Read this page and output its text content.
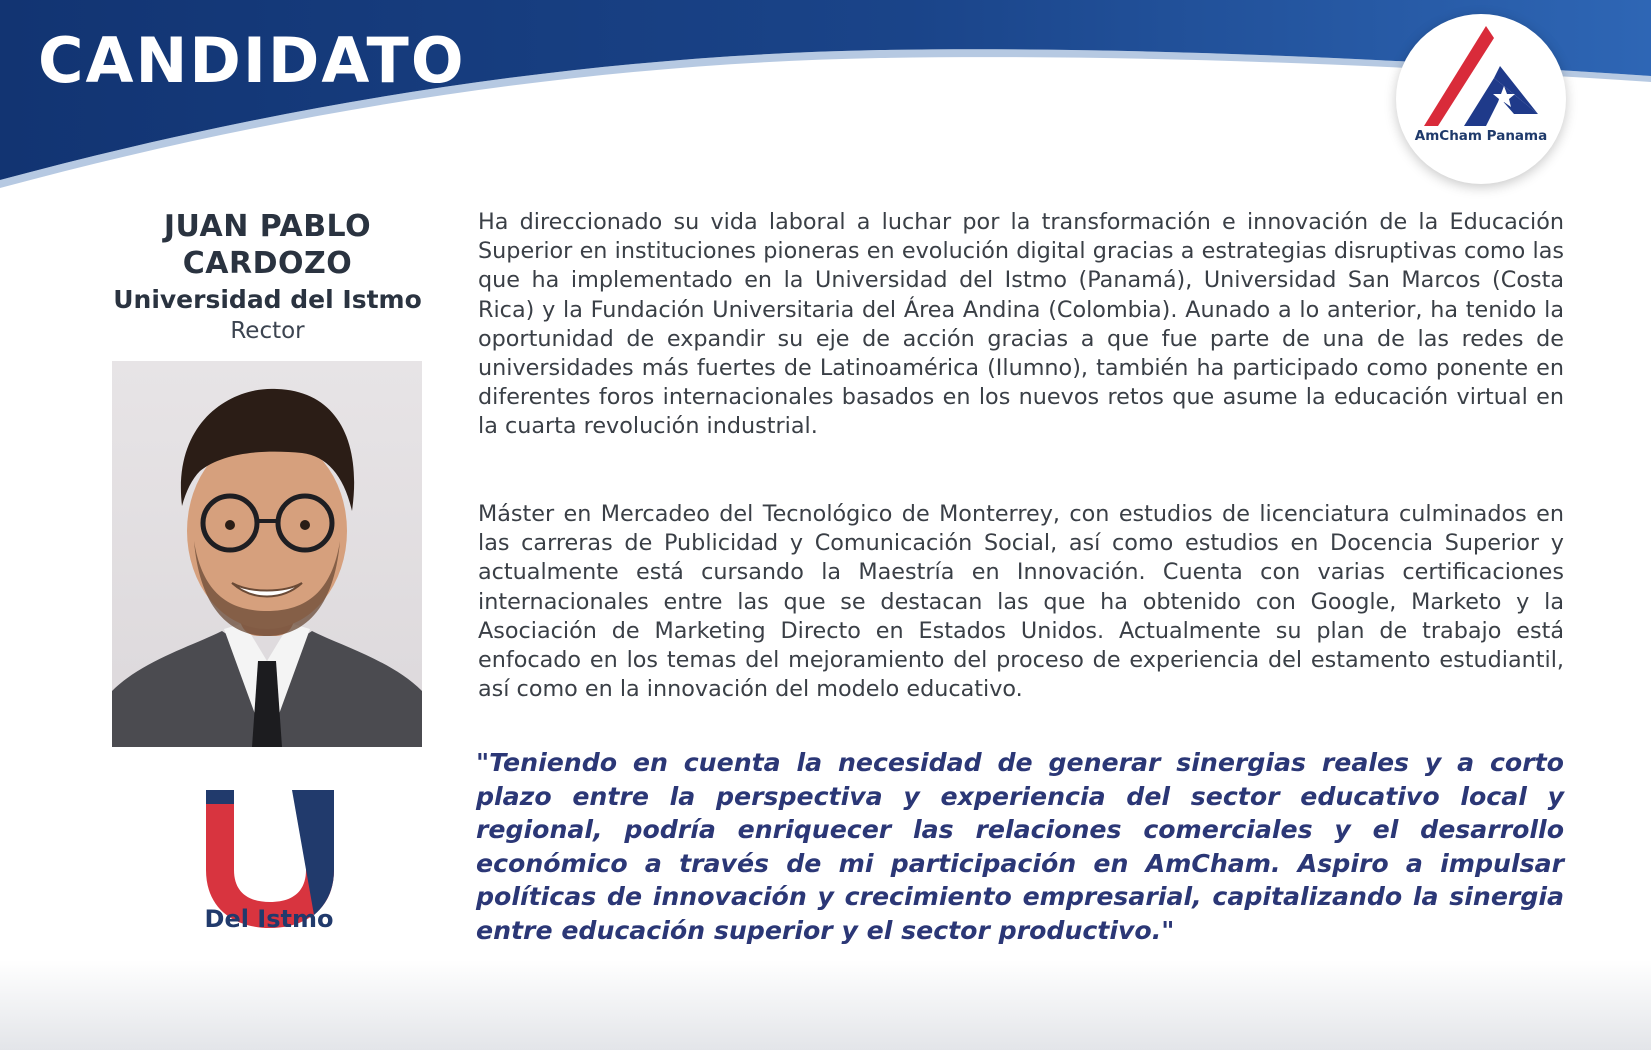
CANDIDATO
AmCham Panama
JUAN PABLO
CARDOZO
Universidad del Istmo
Rector
Del Istmo
Ha direccionado su vida laboral a luchar por la transformación e innovación de la Educación Superior en instituciones pioneras en evolución digital gracias a estrategias disruptivas como las que ha implementado en la Universidad del Istmo (Panamá), Universidad San Marcos (Costa Rica) y la Fundación Universitaria del Área Andina (Colombia). Aunado a lo anterior, ha tenido la oportunidad de expandir su eje de acción gracias a que fue parte de una de las redes de universidades más fuertes de Latinoamérica (Ilumno), también ha participado como ponente en diferentes foros internacionales basados en los nuevos retos que asume la educación virtual en la cuarta revolución industrial.
Máster en Mercadeo del Tecnológico de Monterrey, con estudios de licenciatura culminados en las carreras de Publicidad y Comunicación Social, así como estudios en Docencia Superior y actualmente está cursando la Maestría en Innovación. Cuenta con varias certificaciones internacionales entre las que se destacan las que ha obtenido con Google, Marketo y la Asociación de Marketing Directo en Estados Unidos. Actualmente su plan de trabajo está enfocado en los temas del mejoramiento del proceso de experiencia del estamento estudiantil, así como en la innovación del modelo educativo.
"Teniendo en cuenta la necesidad de generar sinergias reales y a corto plazo entre la perspectiva y experiencia del sector educativo local y regional, podría enriquecer las relaciones comerciales y el desarrollo económico a través de mi participación en AmCham. Aspiro a impulsar políticas de innovación y crecimiento empresarial, capitalizando la sinergia entre educación superior y el sector productivo."
